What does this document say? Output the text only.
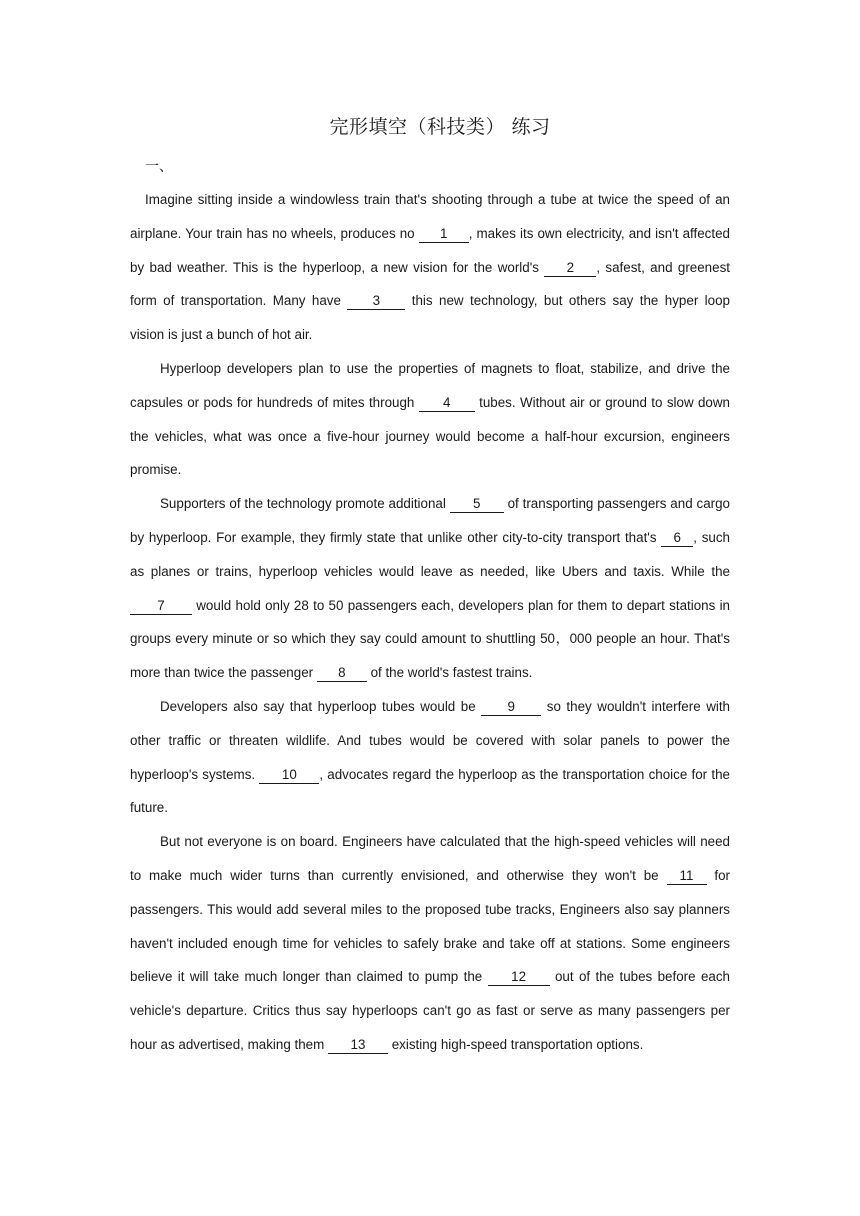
完形填空（科技类） 练习
一、

Imagine sitting inside a windowless train that's shooting through a tube at twice the speed of an airplane. Your train has no wheels, produces no 1 , makes its own electricity, and isn't affected by bad weather. This is the hyperloop, a new vision for the world's 2 , safest, and greenest form of transportation. Many have 3 this new technology, but others say the hyper loop vision is just a bunch of hot air.

Hyperloop developers plan to use the properties of magnets to float, stabilize, and drive the capsules or pods for hundreds of mites through 4 tubes. Without air or ground to slow down the vehicles, what was once a five-hour journey would become a half-hour excursion, engineers promise.

Supporters of the technology promote additional 5 of transporting passengers and cargo by hyperloop. For example, they firmly state that unlike other city-to-city transport that's 6 , such as planes or trains, hyperloop vehicles would leave as needed, like Ubers and taxis. While the 7 would hold only 28 to 50 passengers each, developers plan for them to depart stations in groups every minute or so which they say could amount to shuttling 50，000 people an hour. That's more than twice the passenger 8 of the world's fastest trains.

Developers also say that hyperloop tubes would be 9 so they wouldn't interfere with other traffic or threaten wildlife. And tubes would be covered with solar panels to power the hyperloop's systems. 10 , advocates regard the hyperloop as the transportation choice for the future.

But not everyone is on board. Engineers have calculated that the high-speed vehicles will need to make much wider turns than currently envisioned, and otherwise they won't be 11 for passengers. This would add several miles to the proposed tube tracks, Engineers also say planners haven't included enough time for vehicles to safely brake and take off at stations. Some engineers believe it will take much longer than claimed to pump the 12 out of the tubes before each vehicle's departure. Critics thus say hyperloops can't go as fast or serve as many passengers per hour as advertised, making them 13 existing high-speed transportation options.
